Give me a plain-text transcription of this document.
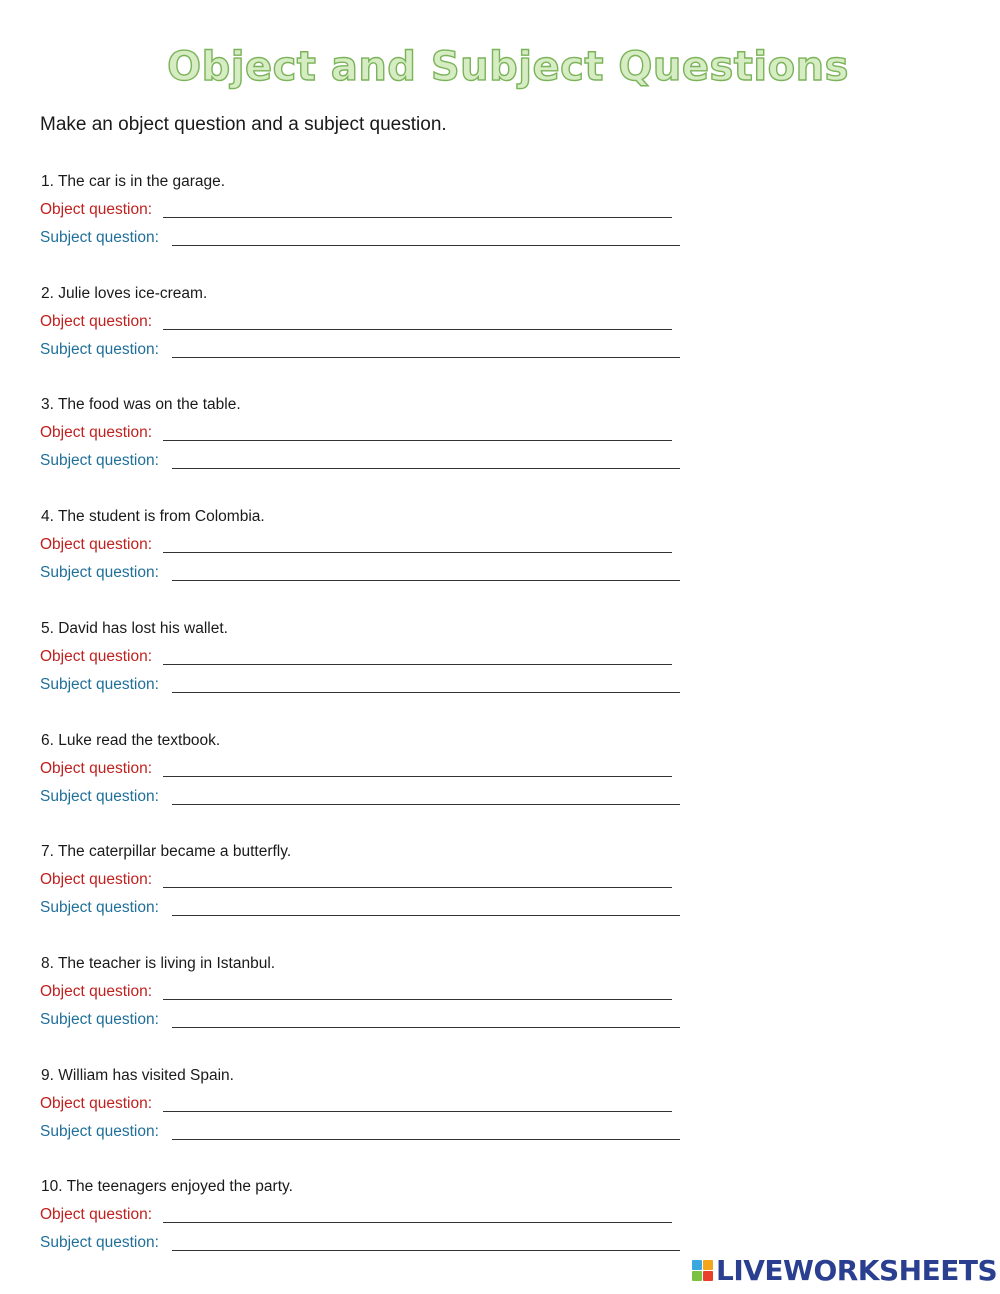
Object and Subject Questions
Make an object question and a subject question.
1. The car is in the garage.
Object question:
Subject question:
2. Julie loves ice-cream.
Object question:
Subject question:
3. The food was on the table.
Object question:
Subject question:
4. The student is from Colombia.
Object question:
Subject question:
5. David has lost his wallet.
Object question:
Subject question:
6. Luke read the textbook.
Object question:
Subject question:
7. The caterpillar became a butterfly.
Object question:
Subject question:
8. The teacher is living in Istanbul.
Object question:
Subject question:
9. William has visited Spain.
Object question:
Subject question:
10. The teenagers enjoyed the party.
Object question:
Subject question:
LIVEWORKSHEETS
